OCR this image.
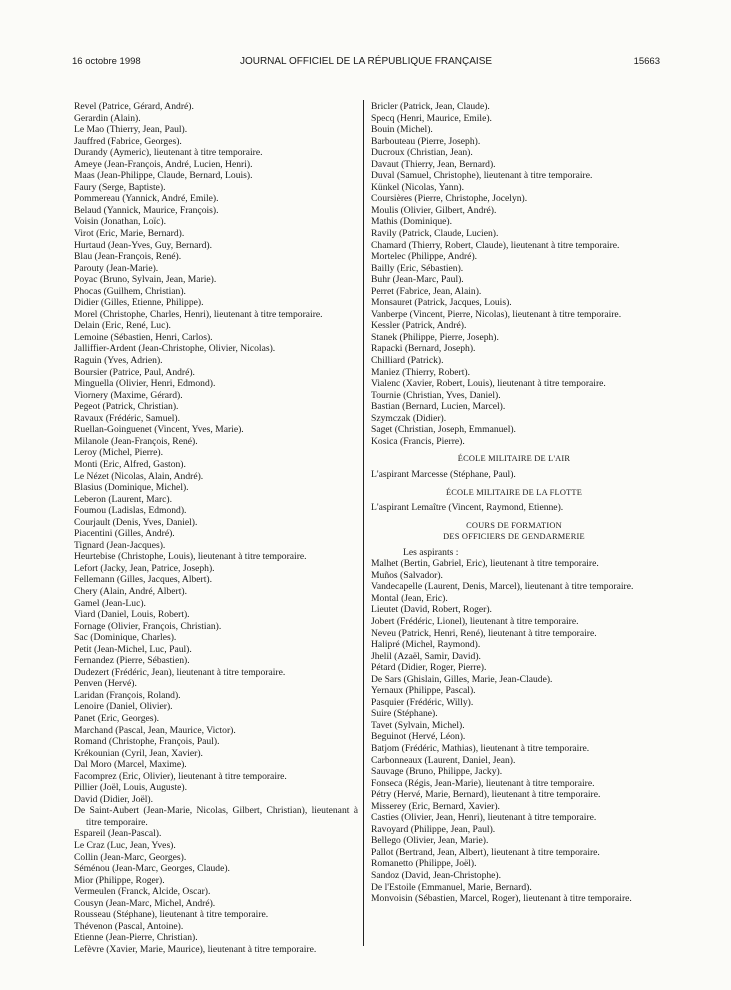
16 octobre 1998	JOURNAL OFFICIEL DE LA RÉPUBLIQUE FRANÇAISE	15663
Revel (Patrice, Gérard, André).
Gerardin (Alain).
Le Mao (Thierry, Jean, Paul).
Jauffred (Fabrice, Georges).
Durandy (Aymeric), lieutenant à titre temporaire.
Ameye (Jean-François, André, Lucien, Henri).
Maas (Jean-Philippe, Claude, Bernard, Louis).
Faury (Serge, Baptiste).
Pommereau (Yannick, André, Emile).
Belaud (Yannick, Maurice, François).
Voisin (Jonathan, Loïc).
Virot (Eric, Marie, Bernard).
Hurtaud (Jean-Yves, Guy, Bernard).
Blau (Jean-François, René).
Parouty (Jean-Marie).
Poyac (Bruno, Sylvain, Jean, Marie).
Phocas (Guilhem, Christian).
Didier (Gilles, Etienne, Philippe).
Morel (Christophe, Charles, Henri), lieutenant à titre temporaire.
Delain (Eric, René, Luc).
Lemoine (Sébastien, Henri, Carlos).
Jalliffier-Ardent (Jean-Christophe, Olivier, Nicolas).
Raguin (Yves, Adrien).
Boursier (Patrice, Paul, André).
Minguella (Olivier, Henri, Edmond).
Viornery (Maxime, Gérard).
Pegeot (Patrick, Christian).
Ravaux (Frédéric, Samuel).
Ruellan-Goinguenet (Vincent, Yves, Marie).
Milanole (Jean-François, René).
Leroy (Michel, Pierre).
Monti (Eric, Alfred, Gaston).
Le Nézet (Nicolas, Alain, André).
Blasius (Dominique, Michel).
Leberon (Laurent, Marc).
Foumou (Ladislas, Edmond).
Courjault (Denis, Yves, Daniel).
Piacentini (Gilles, André).
Tignard (Jean-Jacques).
Heurtebise (Christophe, Louis), lieutenant à titre temporaire.
Lefort (Jacky, Jean, Patrice, Joseph).
Fellemann (Gilles, Jacques, Albert).
Chery (Alain, André, Albert).
Gamel (Jean-Luc).
Viard (Daniel, Louis, Robert).
Fornage (Olivier, François, Christian).
Sac (Dominique, Charles).
Petit (Jean-Michel, Luc, Paul).
Fernandez (Pierre, Sébastien).
Dudezert (Frédéric, Jean), lieutenant à titre temporaire.
Penven (Hervé).
Laridan (François, Roland).
Lenoire (Daniel, Olivier).
Panet (Eric, Georges).
Marchand (Pascal, Jean, Maurice, Victor).
Romand (Christophe, François, Paul).
Krékounian (Cyril, Jean, Xavier).
Dal Moro (Marcel, Maxime).
Facomprez (Eric, Olivier), lieutenant à titre temporaire.
Pillier (Joël, Louis, Auguste).
David (Didier, Joël).
De Saint-Aubert (Jean-Marie, Nicolas, Gilbert, Christian), lieutenant à titre temporaire.
Espareil (Jean-Pascal).
Le Craz (Luc, Jean, Yves).
Collin (Jean-Marc, Georges).
Séménou (Jean-Marc, Georges, Claude).
Mior (Philippe, Roger).
Vermeulen (Franck, Alcide, Oscar).
Cousyn (Jean-Marc, Michel, André).
Rousseau (Stéphane), lieutenant à titre temporaire.
Thévenon (Pascal, Antoine).
Etienne (Jean-Pierre, Christian).
Lefèvre (Xavier, Marie, Maurice), lieutenant à titre temporaire.
Bricler (Patrick, Jean, Claude).
Specq (Henri, Maurice, Emile).
Bouin (Michel).
Barbouteau (Pierre, Joseph).
Ducroux (Christian, Jean).
Davaut (Thierry, Jean, Bernard).
Duval (Samuel, Christophe), lieutenant à titre temporaire.
Künkel (Nicolas, Yann).
Coursières (Pierre, Christophe, Jocelyn).
Moulis (Olivier, Gilbert, André).
Mathis (Dominique).
Ravily (Patrick, Claude, Lucien).
Chamard (Thierry, Robert, Claude), lieutenant à titre temporaire.
Mortelec (Philippe, André).
Bailly (Eric, Sébastien).
Buhr (Jean-Marc, Paul).
Perret (Fabrice, Jean, Alain).
Monsauret (Patrick, Jacques, Louis).
Vanberpe (Vincent, Pierre, Nicolas), lieutenant à titre temporaire.
Kessler (Patrick, André).
Stanek (Philippe, Pierre, Joseph).
Rapacki (Bernard, Joseph).
Chilliard (Patrick).
Maniez (Thierry, Robert).
Vialenc (Xavier, Robert, Louis), lieutenant à titre temporaire.
Tournie (Christian, Yves, Daniel).
Bastian (Bernard, Lucien, Marcel).
Szymczak (Didier).
Saget (Christian, Joseph, Emmanuel).
Kosica (Francis, Pierre).
ÉCOLE MILITAIRE DE L'AIR
L'aspirant Marcesse (Stéphane, Paul).
ÉCOLE MILITAIRE DE LA FLOTTE
L'aspirant Lemaître (Vincent, Raymond, Etienne).
COURS DE FORMATION
DES OFFICIERS DE GENDARMERIE
Les aspirants :
Malhet (Bertin, Gabriel, Eric), lieutenant à titre temporaire.
Muños (Salvador).
Vandecapelle (Laurent, Denis, Marcel), lieutenant à titre temporaire.
Montal (Jean, Eric).
Lieutet (David, Robert, Roger).
Jobert (Frédéric, Lionel), lieutenant à titre temporaire.
Neveu (Patrick, Henri, René), lieutenant à titre temporaire.
Halipré (Michel, Raymond).
Jhelil (Azaël, Samir, David).
Pétard (Didier, Roger, Pierre).
De Sars (Ghislain, Gilles, Marie, Jean-Claude).
Yernaux (Philippe, Pascal).
Pasquier (Frédéric, Willy).
Suire (Stéphane).
Tavet (Sylvain, Michel).
Beguinot (Hervé, Léon).
Batjom (Frédéric, Mathias), lieutenant à titre temporaire.
Carbonneaux (Laurent, Daniel, Jean).
Sauvage (Bruno, Philippe, Jacky).
Fonseca (Régis, Jean-Marie), lieutenant à titre temporaire.
Pétry (Hervé, Marie, Bernard), lieutenant à titre temporaire.
Misserey (Eric, Bernard, Xavier).
Casties (Olivier, Jean, Henri), lieutenant à titre temporaire.
Ravoyard (Philippe, Jean, Paul).
Bellego (Olivier, Jean, Marie).
Pallot (Bertrand, Jean, Albert), lieutenant à titre temporaire.
Romanetto (Philippe, Joël).
Sandoz (David, Jean-Christophe).
De l'Estoile (Emmanuel, Marie, Bernard).
Monvoisin (Sébastien, Marcel, Roger), lieutenant à titre temporaire.
